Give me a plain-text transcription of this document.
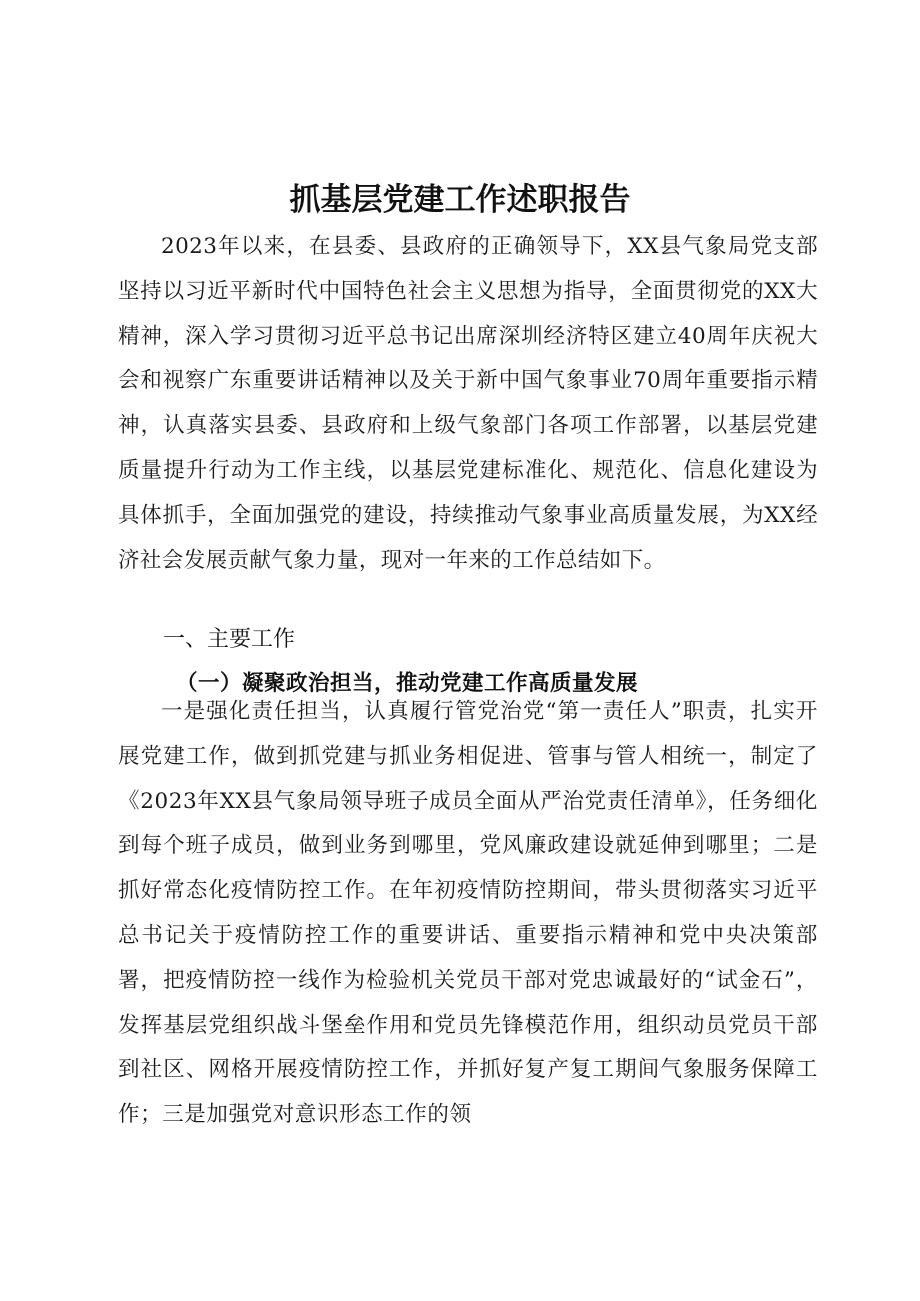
抓基层党建工作述职报告

2023年以来，在县委、县政府的正确领导下，XX县气象局党支部坚持以习近平新时代中国特色社会主义思想为指导，全面贯彻党的XX大精神，深入学习贯彻习近平总书记出席深圳经济特区建立40周年庆祝大会和视察广东重要讲话精神以及关于新中国气象事业70周年重要指示精神，认真落实县委、县政府和上级气象部门各项工作部署，以基层党建质量提升行动为工作主线，以基层党建标准化、规范化、信息化建设为具体抓手，全面加强党的建设，持续推动气象事业高质量发展，为XX经济社会发展贡献气象力量，现对一年来的工作总结如下。

一、主要工作
（一）凝聚政治担当，推动党建工作高质量发展

一是强化责任担当，认真履行管党治党“第一责任人”职责，扎实开展党建工作，做到抓党建与抓业务相促进、管事与管人相统一，制定了《2023年XX县气象局领导班子成员全面从严治党责任清单》，任务细化到每个班子成员，做到业务到哪里，党风廉政建设就延伸到哪里；二是抓好常态化疫情防控工作。在年初疫情防控期间，带头贯彻落实习近平总书记关于疫情防控工作的重要讲话、重要指示精神和党中央决策部署，把疫情防控一线作为检验机关党员干部对党忠诚最好的“试金石”，发挥基层党组织战斗堡垒作用和党员先锋模范作用，组织动员党员干部到社区、网格开展疫情防控工作，并抓好复产复工期间气象服务保障工作；三是加强党对意识形态工作的领
